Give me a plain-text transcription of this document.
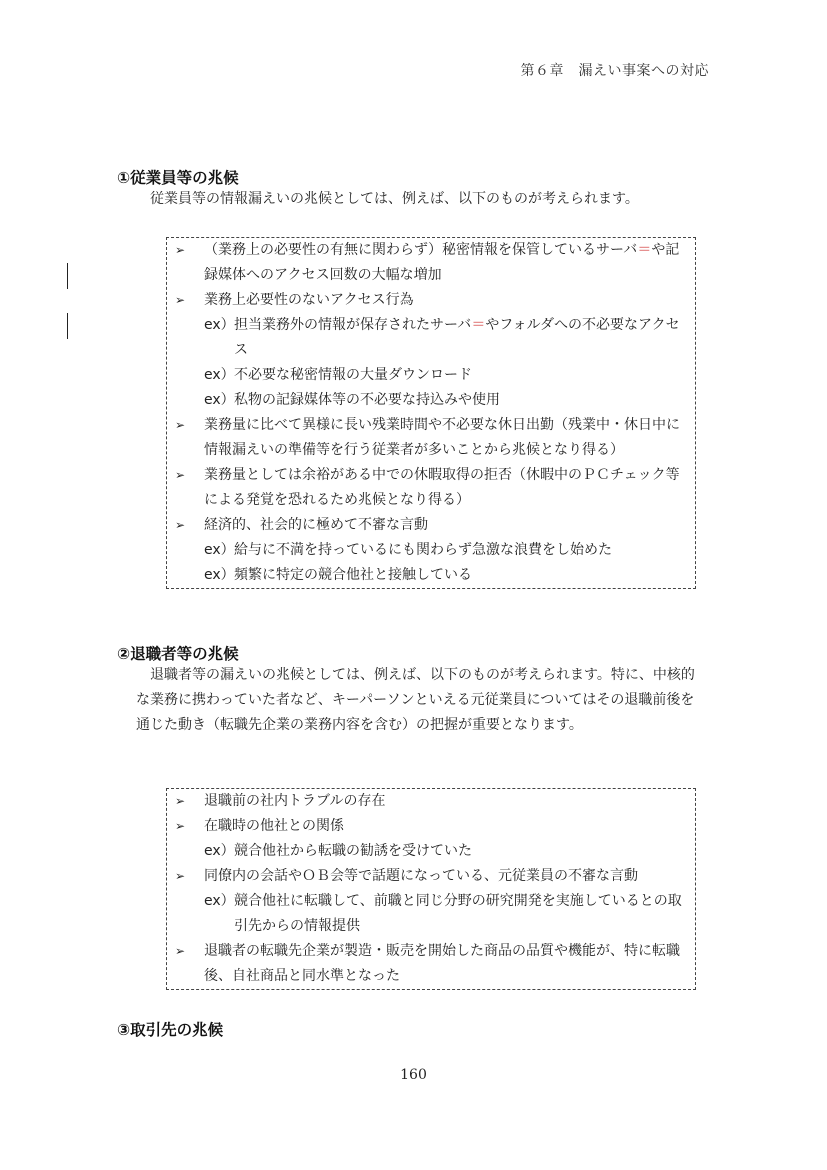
第６章　漏えい事案への対応
①従業員等の兆候

従業員等の情報漏えいの兆候としては、例えば、以下のものが考えられます。

➢ （業務上の必要性の有無に関わらず）秘密情報を保管しているサーバ＝や記録媒体へのアクセス回数の大幅な増加
➢ 業務上必要性のないアクセス行為
ex） 担当業務外の情報が保存されたサーバ＝やフォルダへの不必要なアクセス
ex） 不必要な秘密情報の大量ダウンロード
ex） 私物の記録媒体等の不必要な持込みや使用
➢ 業務量に比べて異様に長い残業時間や不必要な休日出勤（残業中・休日中に情報漏えいの準備等を行う従業者が多いことから兆候となり得る）
➢ 業務量としては余裕がある中での休暇取得の拒否（休暇中のＰＣチェック等による発覚を恐れるため兆候となり得る）
➢ 経済的、社会的に極めて不審な言動
ex） 給与に不満を持っているにも関わらず急激な浪費をし始めた
ex） 頻繁に特定の競合他社と接触している
②退職者等の兆候

退職者等の漏えいの兆候としては、例えば、以下のものが考えられます。特に、中核的な業務に携わっていた者など、キーパーソンといえる元従業員についてはその退職前後を通じた動き（転職先企業の業務内容を含む）の把握が重要となります。

➢ 退職前の社内トラブルの存在
➢ 在職時の他社との関係
ex） 競合他社から転職の勧誘を受けていた
➢ 同僚内の会話やＯＢ会等で話題になっている、元従業員の不審な言動
ex） 競合他社に転職して、前職と同じ分野の研究開発を実施しているとの取引先からの情報提供
➢ 退職者の転職先企業が製造・販売を開始した商品の品質や機能が、特に転職後、自社商品と同水準となった
③取引先の兆候
160
